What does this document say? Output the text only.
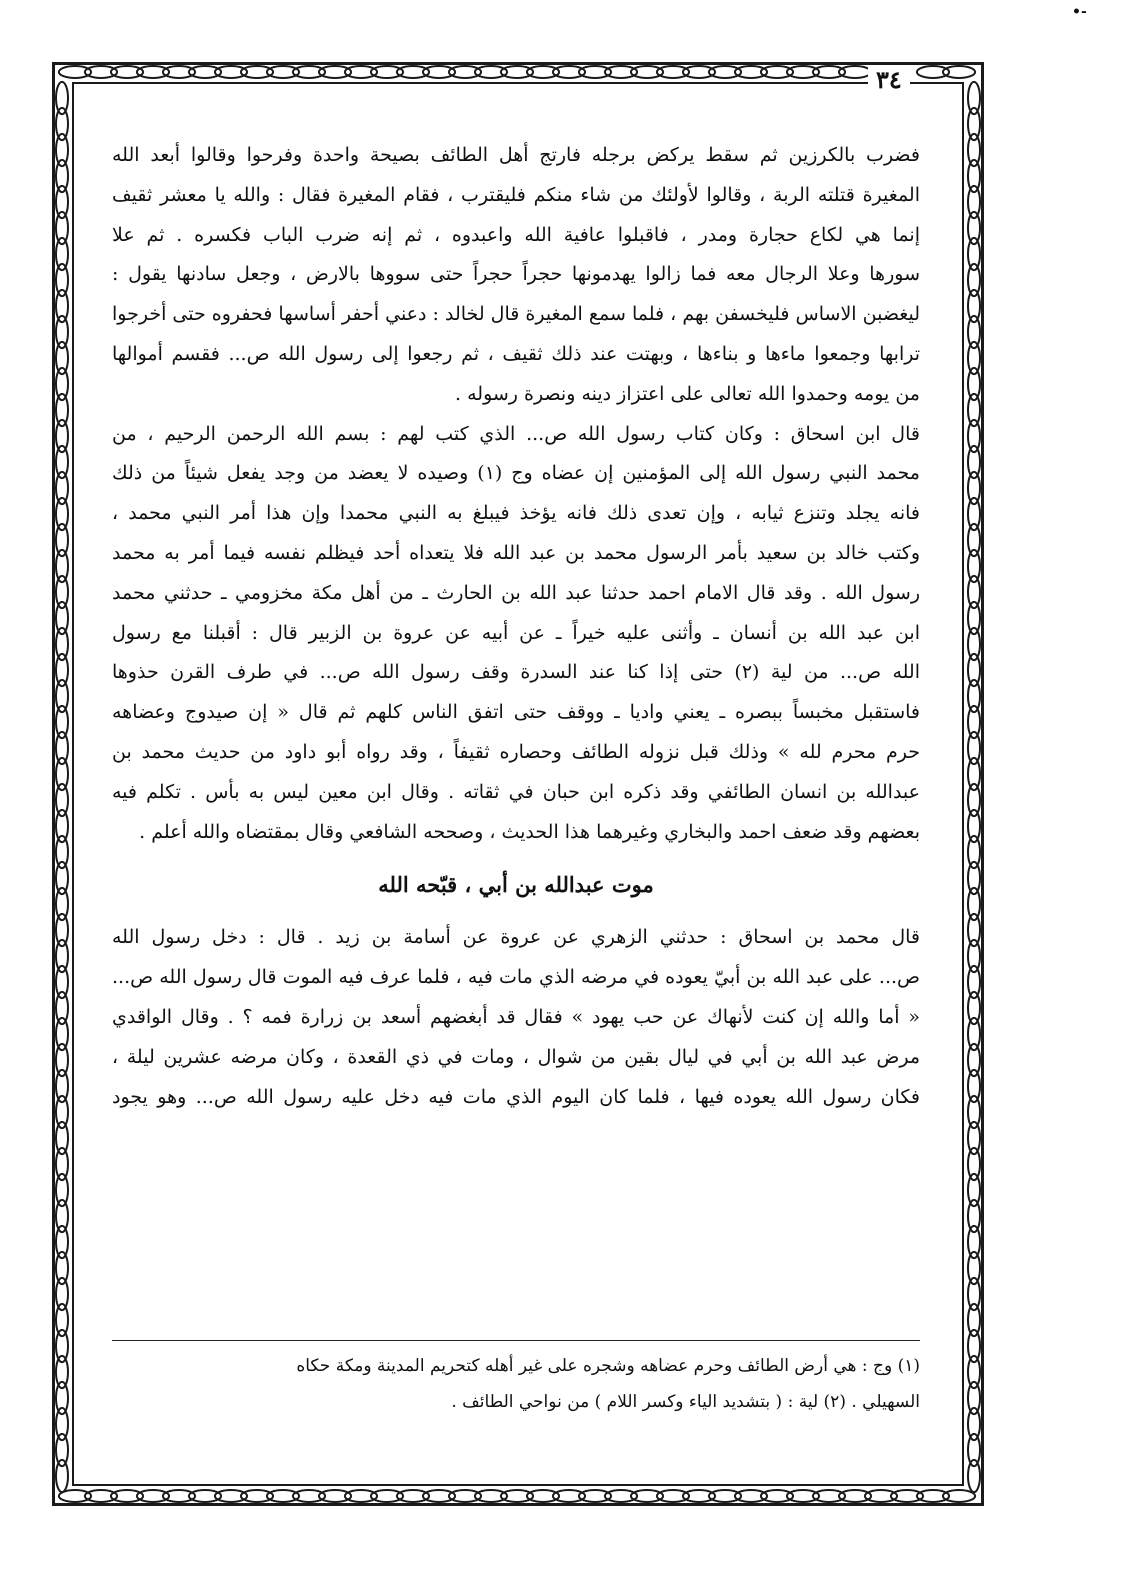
•-
٣٤

فضرب بالكرزين ثم سقط يركض برجله فارتج أهل الطائف بصيحة واحدة وفرحوا وقالوا أبعد الله

المغيرة قتلته الربة ، وقالوا لأولئك من شاء منكم فليقترب ، فقام المغيرة فقال : والله يا معشر ثقيف

إنما هي لكاع حجارة ومدر ، فاقبلوا عافية الله واعبدوه ، ثم إنه ضرب الباب فكسره . ثم علا

سورها وعلا الرجال معه فما زالوا يهدمونها حجراً حجراً حتى سووها بالارض ، وجعل سادنها يقول :

ليغضبن الاساس فليخسفن بهم ، فلما سمع المغيرة قال لخالد : دعني أحفر أساسها فحفروه حتى أخرجوا

ترابها وجمعوا ماءها و بناءها ، وبهتت عند ذلك ثقيف ، ثم رجعوا إلى رسول الله ص... فقسم أموالها

من يومه وحمدوا الله تعالى على اعتزاز دينه ونصرة رسوله .

قال ابن اسحاق : وكان كتاب رسول الله ص... الذي كتب لهم : بسم الله الرحمن الرحيم ، من

محمد النبي رسول الله إلى المؤمنين إن عضاه وج (١) وصيده لا يعضد من وجد يفعل شيئاً من ذلك

فانه يجلد وتنزع ثيابه ، وإن تعدى ذلك فانه يؤخذ فيبلغ به النبي محمدا وإن هذا أمر النبي محمد ،

وكتب خالد بن سعيد بأمر الرسول محمد بن عبد الله فلا يتعداه أحد فيظلم نفسه فيما أمر به محمد

رسول الله . وقد قال الامام احمد حدثنا عبد الله بن الحارث ـ من أهل مكة مخزومي ـ حدثني محمد

ابن عبد الله بن أنسان ـ وأثنى عليه خيراً ـ عن أبيه عن عروة بن الزبير قال : أقبلنا مع رسول

الله ص... من لية (٢) حتى إذا كنا عند السدرة وقف رسول الله ص... في طرف القرن حذوها

فاستقبل مخبساً ببصره ـ يعني واديا ـ ووقف حتى اتفق الناس كلهم ثم قال « إن صيدوج وعضاهه

حرم محرم لله » وذلك قبل نزوله الطائف وحصاره ثقيفاً ، وقد رواه أبو داود من حديث محمد بن

عبدالله بن انسان الطائفي وقد ذكره ابن حبان في ثقاته . وقال ابن معين ليس به بأس . تكلم فيه

بعضهم وقد ضعف احمد والبخاري وغيرهما هذا الحديث ، وصححه الشافعي وقال بمقتضاه والله أعلم .

موت عبدالله بن أبي ، قبّحه الله

قال محمد بن اسحاق : حدثني الزهري عن عروة عن أسامة بن زيد . قال : دخل رسول الله

ص... على عبد الله بن أبيّ يعوده في مرضه الذي مات فيه ، فلما عرف فيه الموت قال رسول الله ص...

« أما والله إن كنت لأنهاك عن حب يهود » فقال قد أبغضهم أسعد بن زرارة فمه ؟ . وقال الواقدي

مرض عبد الله بن أبي في ليال بقين من شوال ، ومات في ذي القعدة ، وكان مرضه عشرين ليلة ،

فكان رسول الله يعوده فيها ، فلما كان اليوم الذي مات فيه دخل عليه رسول الله ص... وهو يجود

(١) وج : هي أرض الطائف وحرم عضاهه وشجره على غير أهله كتحريم المدينة ومكة حكاه

السهيلي . (٢) لية : ( بتشديد الياء وكسر اللام ) من نواحي الطائف .
